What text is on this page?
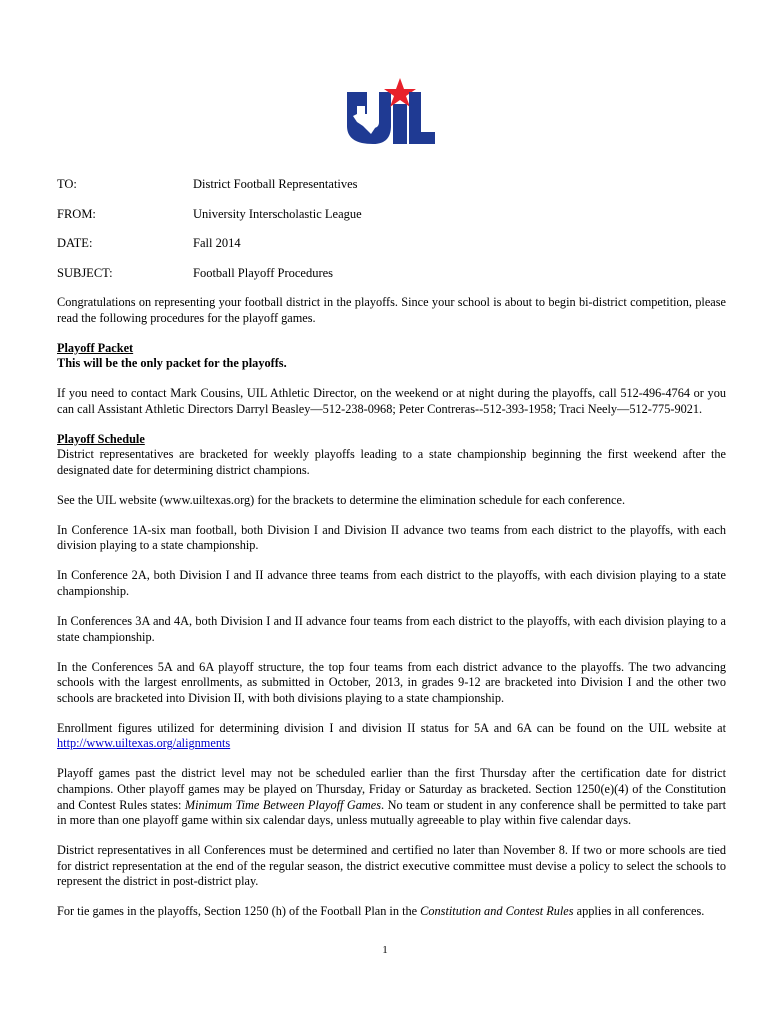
TO:	District Football Representatives
FROM:	University Interscholastic League
DATE:	Fall 2014
SUBJECT:	Football Playoff Procedures

Congratulations on representing your football district in the playoffs. Since your school is about to begin bi-district competition, please read the following procedures for the playoff games.

Playoff Packet
This will be the only packet for the playoffs.

If you need to contact Mark Cousins, UIL Athletic Director, on the weekend or at night during the playoffs, call 512-496-4764 or you can call Assistant Athletic Directors Darryl Beasley—512-238-0968; Peter Contreras--512-393-1958; Traci Neely—512-775-9021.

Playoff Schedule
District representatives are bracketed for weekly playoffs leading to a state championship beginning the first weekend after the designated date for determining district champions.

See the UIL website (www.uiltexas.org) for the brackets to determine the elimination schedule for each conference.

In Conference 1A-six man football, both Division I and Division II advance two teams from each district to the playoffs, with each division playing to a state championship.

In Conference 2A, both Division I and II advance three teams from each district to the playoffs, with each division playing to a state championship.

In Conferences 3A and 4A, both Division I and II advance four teams from each district to the playoffs, with each division playing to a state championship.

In the Conferences 5A and 6A playoff structure, the top four teams from each district advance to the playoffs. The two advancing schools with the largest enrollments, as submitted in October, 2013, in grades 9-12 are bracketed into Division I and the other two schools are bracketed into Division II, with both divisions playing to a state championship.

Enrollment figures utilized for determining division I and division II status for 5A and 6A can be found on the UIL website at http://www.uiltexas.org/alignments

Playoff games past the district level may not be scheduled earlier than the first Thursday after the certification date for district champions. Other playoff games may be played on Thursday, Friday or Saturday as bracketed. Section 1250(e)(4) of the Constitution and Contest Rules states: Minimum Time Between Playoff Games. No team or student in any conference shall be permitted to take part in more than one playoff game within six calendar days, unless mutually agreeable to play within five calendar days.

District representatives in all Conferences must be determined and certified no later than November 8. If two or more schools are tied for district representation at the end of the regular season, the district executive committee must devise a policy to select the schools to represent the district in post-district play.

For tie games in the playoffs, Section 1250 (h) of the Football Plan in the Constitution and Contest Rules applies in all conferences.

1
